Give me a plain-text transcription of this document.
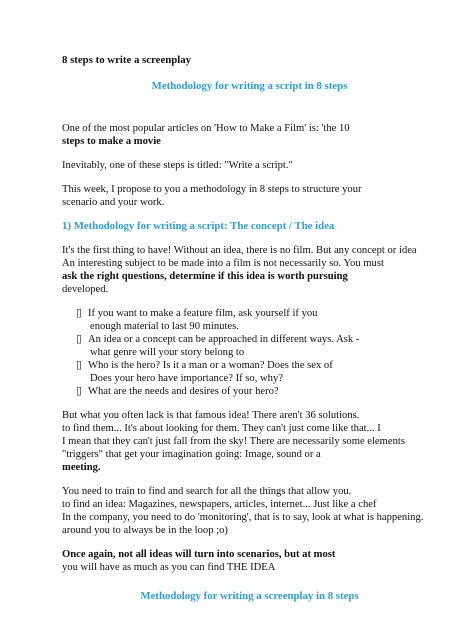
8 steps to write a screenplay

Methodology for writing a script in 8 steps

One of the most popular articles on 'How to Make a Film' is: 'the 10

steps to make a movie

Inevitably, one of these steps is titled: "Write a script."

This week, I propose to you a methodology in 8 steps to structure your

scenario and your work.

1) Methodology for writing a script: The concept / The idea

It's the first thing to have! Without an idea, there is no film. But any concept or idea

An interesting subject to be made into a film is not necessarily so. You must

ask the right questions, determine if this idea is worth pursuing

developed.

▯ If you want to make a feature film, ask yourself if you
enough material to last 90 minutes.
▯ An idea or a concept can be approached in different ways. Ask -
what genre will your story belong to
▯ Who is the hero? Is it a man or a woman? Does the sex of
Does your hero have importance? If so, why?
▯ What are the needs and desires of your hero?

But what you often lack is that famous idea! There aren't 36 solutions.

to find them... It's about looking for them. They can't just come like that... I

I mean that they can't just fall from the sky! There are necessarily some elements

"triggers" that get your imagination going: Image, sound or a

meeting.

You need to train to find and search for all the things that allow you.

to find an idea: Magazines, newspapers, articles, internet... Just like a chef

In the company, you need to do 'monitoring', that is to say, look at what is happening.

around you to always be in the loop ;o)

Once again, not all ideas will turn into scenarios, but at most

you will have as much as you can find THE IDEA

Methodology for writing a screenplay in 8 steps
